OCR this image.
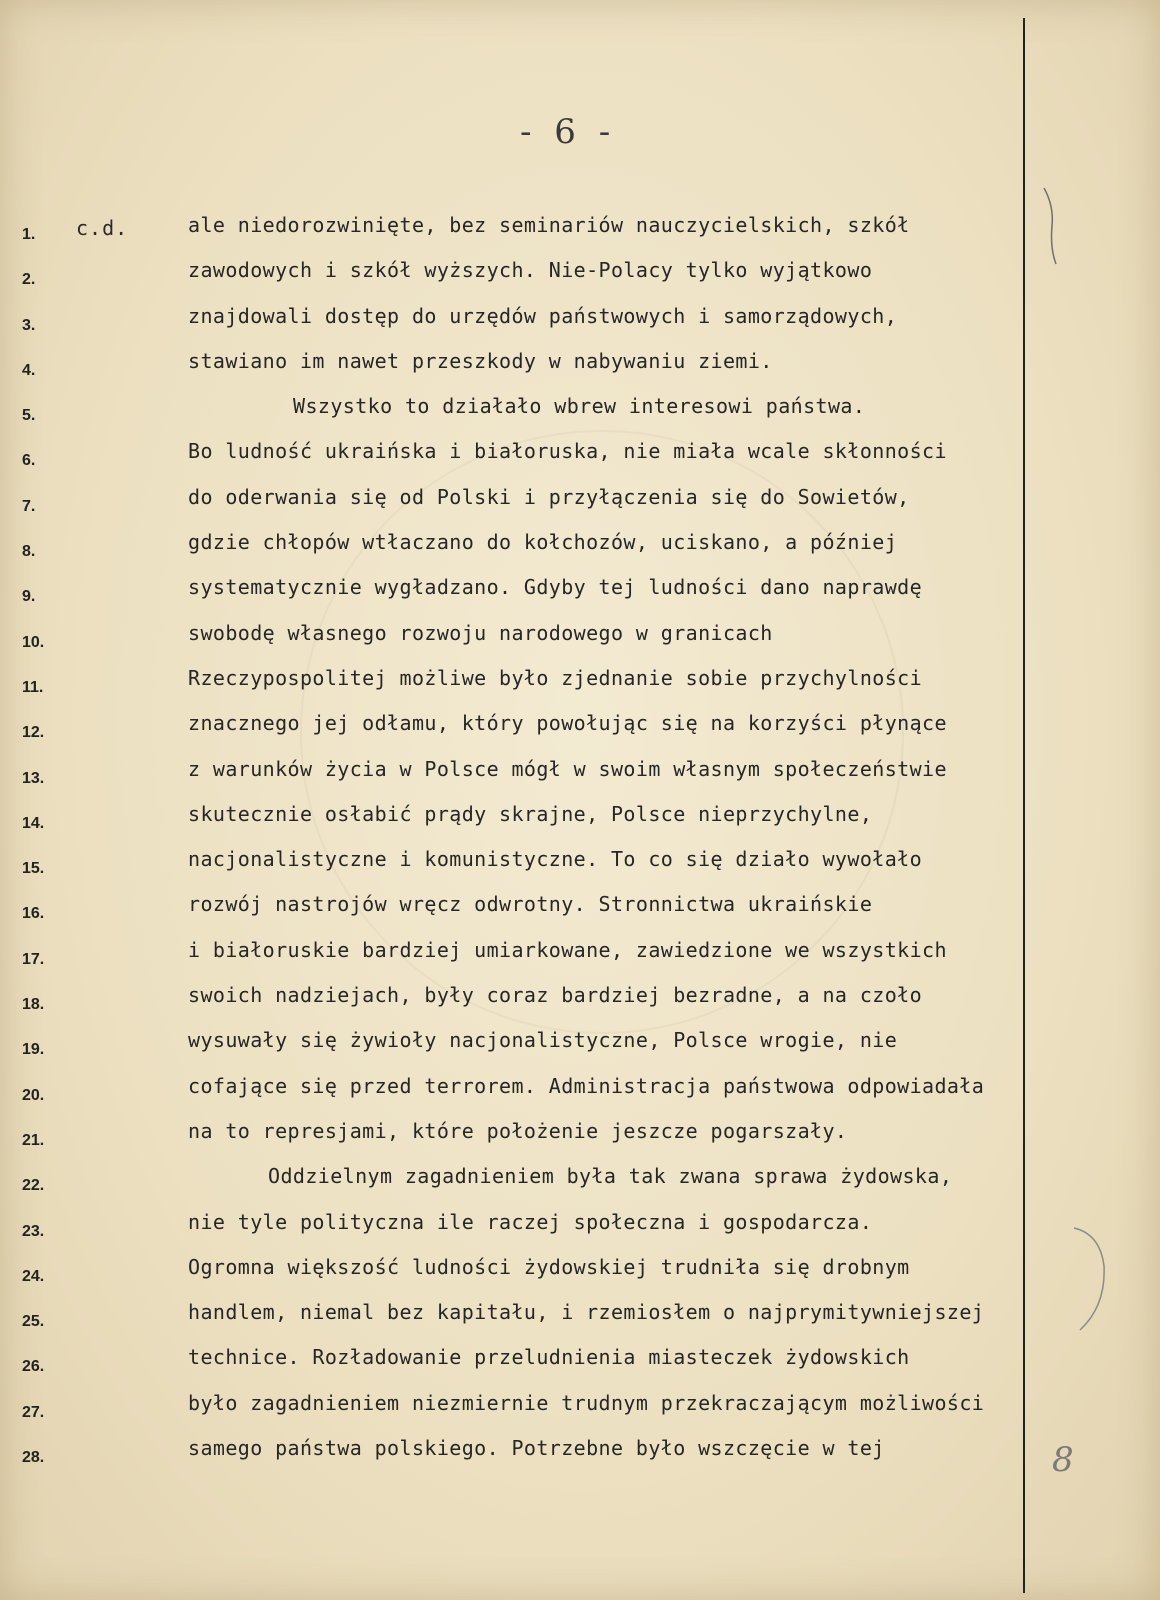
- 6 -
c.d.
8
1.
2.
3.
4.
5.
6.
7.
8.
9.
10.
11.
12.
13.
14.
15.
16.
17.
18.
19.
20.
21.
22.
23.
24.
25.
26.
27.
28.
ale niedorozwinięte, bez seminariów nauczycielskich, szkół
zawodowych i szkół wyższych. Nie-Polacy tylko wyjątkowo
znajdowali dostęp do urzędów państwowych i samorządowych,
stawiano im nawet przeszkody w nabywaniu ziemi.
Wszystko to działało wbrew interesowi państwa.
Bo ludność ukraińska i białoruska, nie miała wcale skłonności
do oderwania się od Polski i przyłączenia się do Sowietów,
gdzie chłopów wtłaczano do kołchozów, uciskano, a później
systematycznie wygładzano. Gdyby tej ludności dano naprawdę
swobodę własnego rozwoju narodowego w granicach
Rzeczypospolitej możliwe było zjednanie sobie przychylności
znacznego jej odłamu, który powołując się na korzyści płynące
z warunków życia w Polsce mógł w swoim własnym społeczeństwie
skutecznie osłabić prądy skrajne, Polsce nieprzychylne,
nacjonalistyczne i komunistyczne. To co się działo wywołało
rozwój nastrojów wręcz odwrotny. Stronnictwa ukraińskie
i białoruskie bardziej umiarkowane, zawiedzione we wszystkich
swoich nadziejach, były coraz bardziej bezradne, a na czoło
wysuwały się żywioły nacjonalistyczne, Polsce wrogie, nie
cofające się przed terrorem. Administracja państwowa odpowiadała
na to represjami, które położenie jeszcze pogarszały.
Oddzielnym zagadnieniem była tak zwana sprawa żydowska,
nie tyle polityczna ile raczej społeczna i gospodarcza.
Ogromna większość ludności żydowskiej trudniła się drobnym
handlem, niemal bez kapitału, i rzemiosłem o najprymitywniejszej
technice. Rozładowanie przeludnienia miasteczek żydowskich
było zagadnieniem niezmiernie trudnym przekraczającym możliwości
samego państwa polskiego. Potrzebne było wszczęcie w tej
